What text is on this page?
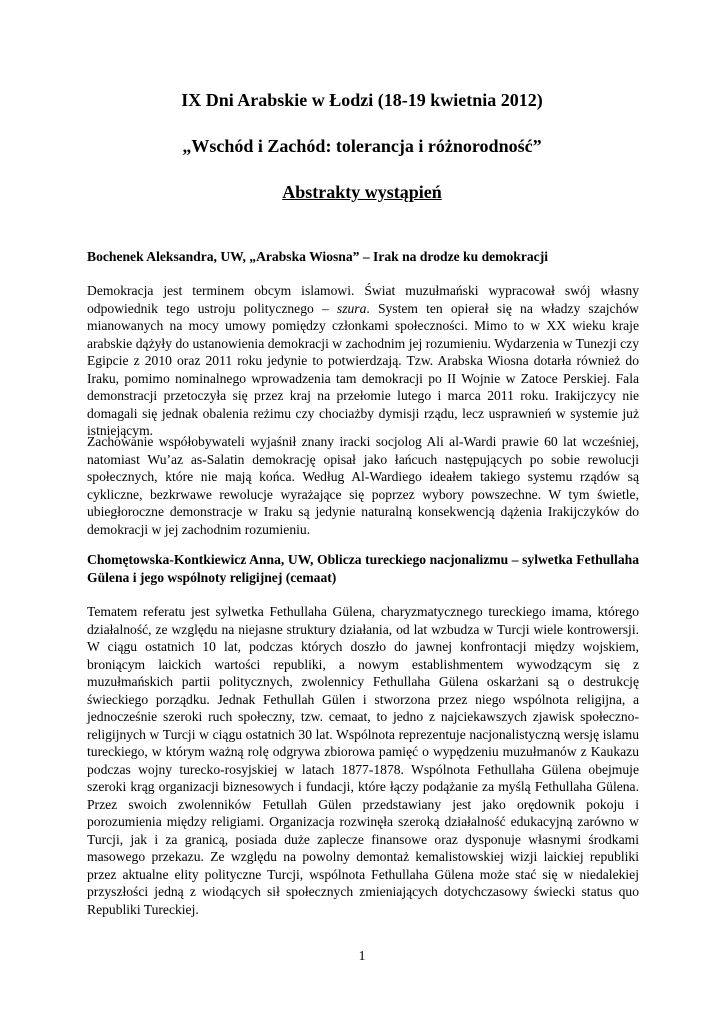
IX Dni Arabskie w Łodzi (18-19 kwietnia 2012)
„Wschód i Zachód: tolerancja i różnorodność”
Abstrakty wystąpień

Bochenek Aleksandra, UW, „Arabska Wiosna” – Irak na drodze ku demokracji

Demokracja jest terminem obcym islamowi. Świat muzułmański wypracował swój własny odpowiednik tego ustroju politycznego – szura. System ten opierał się na władzy szajchów mianowanych na mocy umowy pomiędzy członkami społeczności. Mimo to w XX wieku kraje arabskie dążyły do ustanowienia demokracji w zachodnim jej rozumieniu. Wydarzenia w Tunezji czy Egipcie z 2010 oraz 2011 roku jedynie to potwierdzają. Tzw. Arabska Wiosna dotarła również do Iraku, pomimo nominalnego wprowadzenia tam demokracji po II Wojnie w Zatoce Perskiej. Fala demonstracji przetoczyła się przez kraj na przełomie lutego i marca 2011 roku. Irakijczycy nie domagali się jednak obalenia reżimu czy chociażby dymisji rządu, lecz usprawnień w systemie już istniejącym.

Zachowanie współobywateli wyjaśnił znany iracki socjolog Ali al-Wardi prawie 60 lat wcześniej, natomiast Wu’az as-Salatin demokrację opisał jako łańcuch następujących po sobie rewolucji społecznych, które nie mają końca. Według Al-Wardiego ideałem takiego systemu rządów są cykliczne, bezkrwawe rewolucje wyrażające się poprzez wybory powszechne. W tym świetle, ubiegłoroczne demonstracje w Iraku są jedynie naturalną konsekwencją dążenia Irakijczyków do demokracji w jej zachodnim rozumieniu.

Chomętowska-Kontkiewicz Anna, UW, Oblicza tureckiego nacjonalizmu – sylwetka Fethullaha Gülena i jego wspólnoty religijnej (cemaat)

Tematem referatu jest sylwetka Fethullaha Gülena, charyzmatycznego tureckiego imama, którego działalność, ze względu na niejasne struktury działania, od lat wzbudza w Turcji wiele kontrowersji. W ciągu ostatnich 10 lat, podczas których doszło do jawnej konfrontacji między wojskiem, broniącym laickich wartości republiki, a nowym establishmentem wywodzącym się z muzułmańskich partii politycznych, zwolennicy Fethullaha Gülena oskarżani są o destrukcję świeckiego porządku. Jednak Fethullah Gülen i stworzona przez niego wspólnota religijna, a jednocześnie szeroki ruch społeczny, tzw. cemaat, to jedno z najciekawszych zjawisk społeczno-religijnych w Turcji w ciągu ostatnich 30 lat. Wspólnota reprezentuje nacjonalistyczną wersję islamu tureckiego, w którym ważną rolę odgrywa zbiorowa pamięć o wypędzeniu muzułmanów z Kaukazu podczas wojny turecko-rosyjskiej w latach 1877-1878. Wspólnota Fethullaha Gülena obejmuje szeroki krąg organizacji biznesowych i fundacji, które łączy podążanie za myślą Fethullaha Gülena. Przez swoich zwolenników Fetullah Gülen przedstawiany jest jako orędownik pokoju i porozumienia między religiami. Organizacja rozwinęła szeroką działalność edukacyjną zarówno w Turcji, jak i za granicą, posiada duże zaplecze finansowe oraz dysponuje własnymi środkami masowego przekazu. Ze względu na powolny demontaż kemalistowskiej wizji laickiej republiki przez aktualne elity polityczne Turcji, wspólnota Fethullaha Gülena może stać się w niedalekiej przyszłości jedną z wiodących sił społecznych zmieniających dotychczasowy świecki status quo Republiki Tureckiej.

1
